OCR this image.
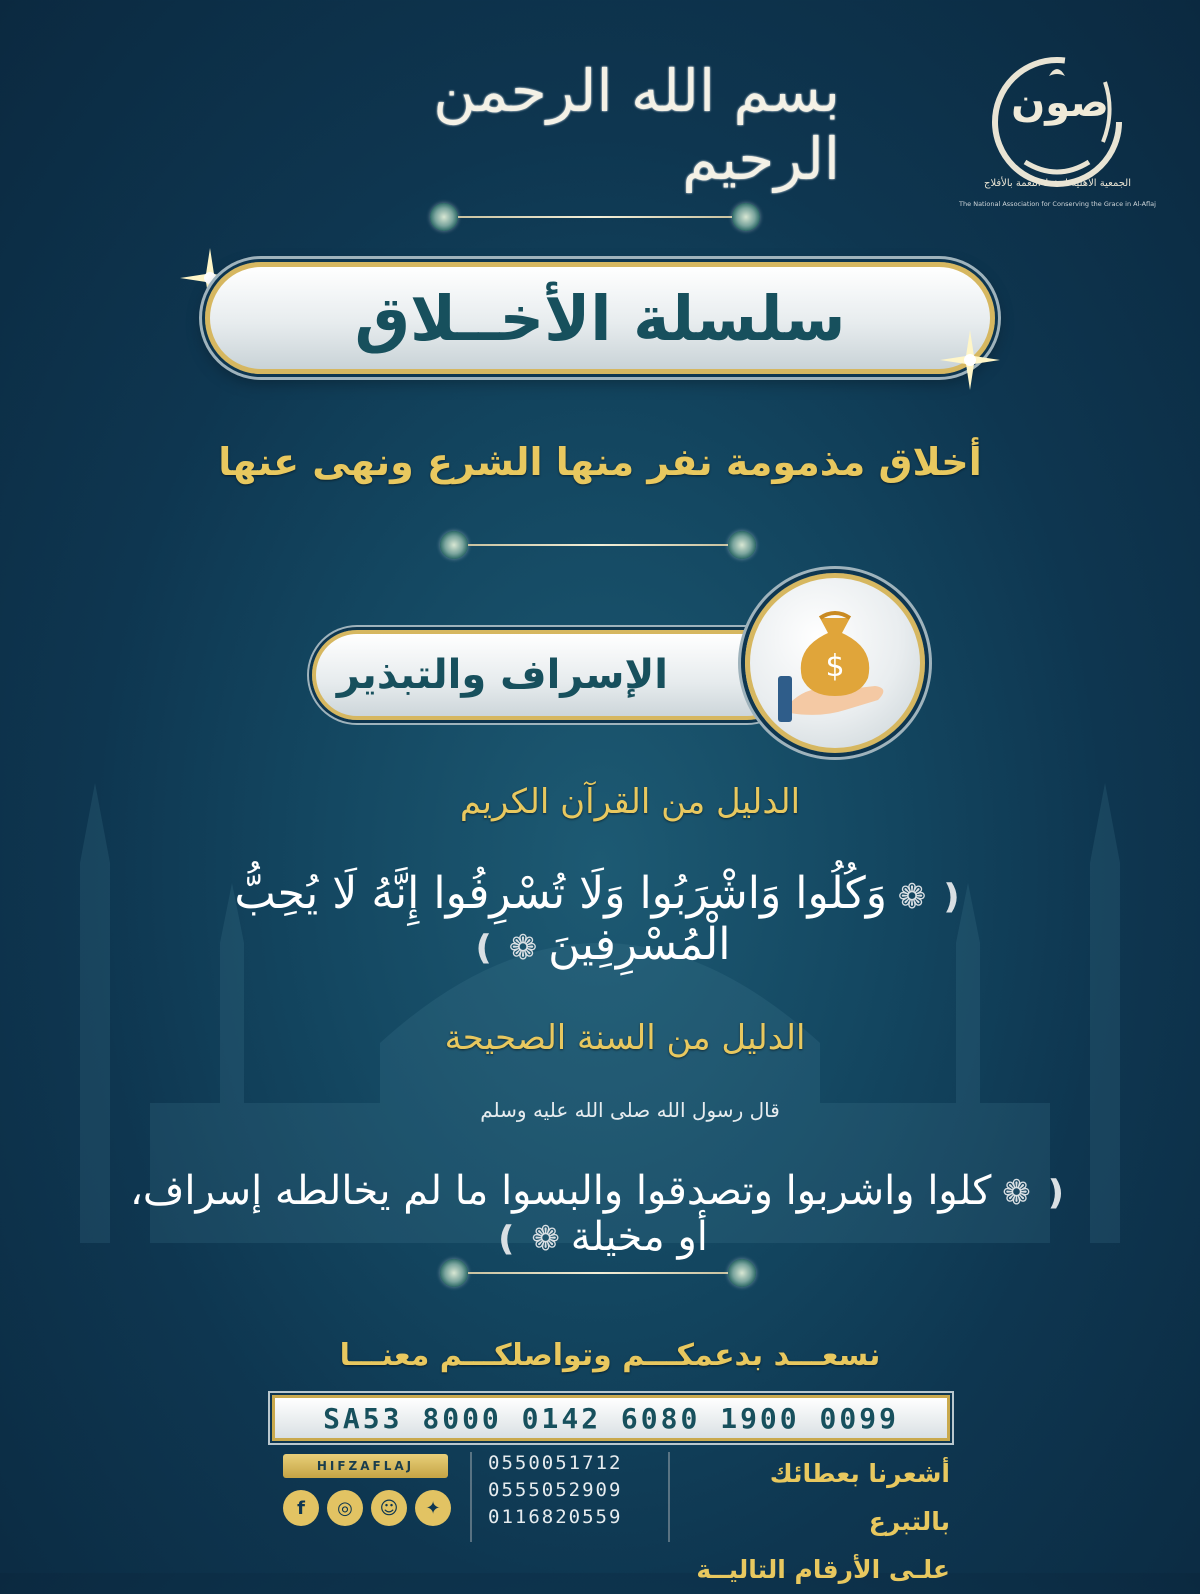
بسم الله الرحمن الرحيم
صون
الجمعية الأهلية لحفظ النعمة بالأفلاج
The National Association for Conserving the Grace in Al-Aflaj
سلسلة الأخــلاق
أخلاق مذمومة نفر منها الشرع ونهى عنها
الإسراف والتبذير	$
الدليل من القرآن الكريم
❪ ❁ وَكُلُوا وَاشْرَبُوا وَلَا تُسْرِفُوا إِنَّهُ لَا يُحِبُّ الْمُسْرِفِينَ ❁ ❫
الدليل من السنة الصحيحة
قال رسول الله صلى الله عليه وسلم
❪ ❁ كلوا واشربوا وتصدقوا والبسوا ما لم يخالطه إسراف، أو مخيلة ❁ ❫
نسعـــد بدعمكـــم وتواصلكـــم معنـــا
SA53 8000 0142 6080 1900 0099
أشعرنا بعطائك بالتبرع
علـى الأرقام التاليــة
0550051712
0555052909
0116820559
HIFZAFLAJ
f	◎	☺	✦
